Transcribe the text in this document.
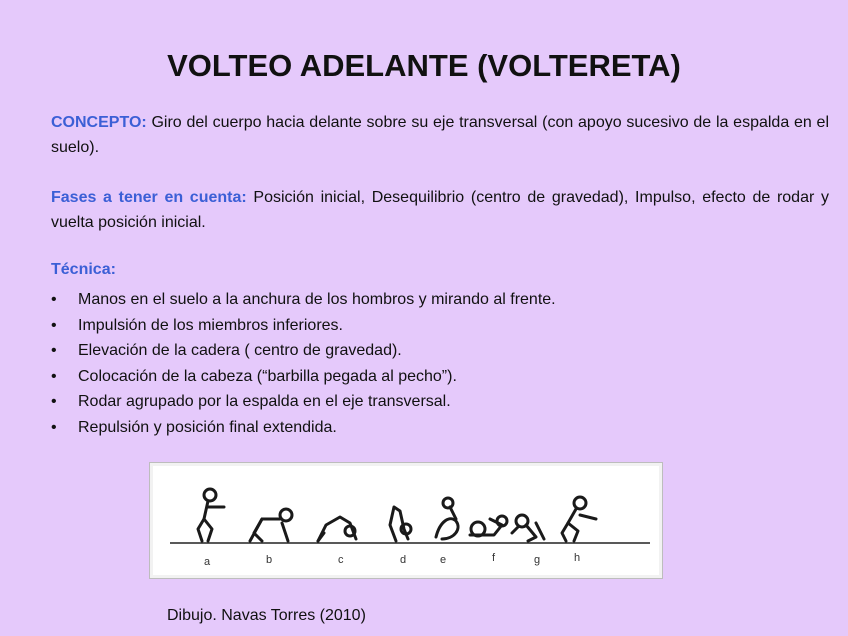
VOLTEO ADELANTE (VOLTERETA)
CONCEPTO: Giro del cuerpo hacia delante sobre su eje transversal (con apoyo sucesivo de la espalda en el suelo).
Fases a tener en cuenta: Posición inicial, Desequilibrio (centro de gravedad), Impulso, efecto de rodar y vuelta posición inicial.
Técnica:
• Manos en el suelo a la anchura de los hombros y mirando al frente.
• Impulsión de los miembros inferiores.
• Elevación de la cadera ( centro de gravedad).
• Colocación de la cabeza (“barbilla pegada al pecho”).
• Rodar agrupado por la espalda en el eje transversal.
• Repulsión y posición final extendida.
a	b	c	d	e	f	g	h
Dibujo. Navas Torres (2010)
